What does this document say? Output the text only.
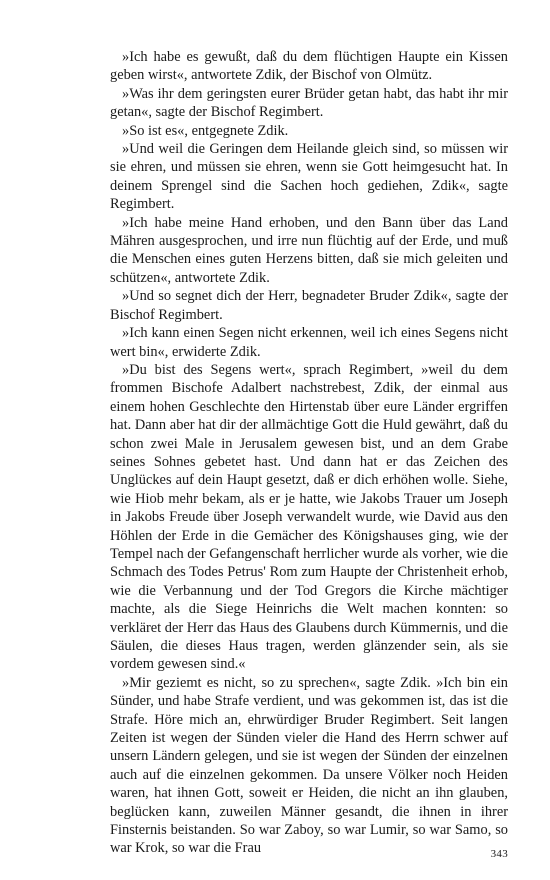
»Ich habe es gewußt, daß du dem flüchtigen Haupte ein Kissen geben wirst«, antwortete Zdik, der Bischof von Olmütz.

»Was ihr dem geringsten eurer Brüder getan habt, das habt ihr mir getan«, sagte der Bischof Regimbert.

»So ist es«, entgegnete Zdik.

»Und weil die Geringen dem Heilande gleich sind, so müssen wir sie ehren, und müssen sie ehren, wenn sie Gott heimgesucht hat. In deinem Sprengel sind die Sachen hoch gediehen, Zdik«, sagte Regimbert.

»Ich habe meine Hand erhoben, und den Bann über das Land Mähren ausgesprochen, und irre nun flüchtig auf der Erde, und muß die Menschen eines guten Herzens bitten, daß sie mich geleiten und schützen«, antwortete Zdik.

»Und so segnet dich der Herr, begnadeter Bruder Zdik«, sagte der Bischof Regimbert.

»Ich kann einen Segen nicht erkennen, weil ich eines Segens nicht wert bin«, erwiderte Zdik.

»Du bist des Segens wert«, sprach Regimbert, »weil du dem frommen Bischofe Adalbert nachstrebest, Zdik, der einmal aus einem hohen Geschlechte den Hirtenstab über eure Länder ergriffen hat. Dann aber hat dir der allmächtige Gott die Huld gewährt, daß du schon zwei Male in Jerusalem gewesen bist, und an dem Grabe seines Sohnes gebetet hast. Und dann hat er das Zeichen des Unglückes auf dein Haupt gesetzt, daß er dich erhöhen wolle. Siehe, wie Hiob mehr bekam, als er je hatte, wie Jakobs Trauer um Joseph in Jakobs Freude über Joseph verwandelt wurde, wie David aus den Höhlen der Erde in die Gemächer des Königshauses ging, wie der Tempel nach der Gefangenschaft herrlicher wurde als vorher, wie die Schmach des Todes Petrus' Rom zum Haupte der Christenheit erhob, wie die Verbannung und der Tod Gregors die Kirche mächtiger machte, als die Siege Heinrichs die Welt machen konnten: so verkläret der Herr das Haus des Glaubens durch Kümmernis, und die Säulen, die dieses Haus tragen, werden glänzender sein, als sie vordem gewesen sind.«

»Mir geziemt es nicht, so zu sprechen«, sagte Zdik. »Ich bin ein Sünder, und habe Strafe verdient, und was gekommen ist, das ist die Strafe. Höre mich an, ehrwürdiger Bruder Regimbert. Seit langen Zeiten ist wegen der Sünden vieler die Hand des Herrn schwer auf unsern Ländern gelegen, und sie ist wegen der Sünden der einzelnen auch auf die einzelnen gekommen. Da unsere Völker noch Heiden waren, hat ihnen Gott, soweit er Heiden, die nicht an ihn glauben, beglücken kann, zuweilen Männer gesandt, die ihnen in ihrer Finsternis beistanden. So war Zaboy, so war Lumir, so war Samo, so war Krok, so war die Frau	343
